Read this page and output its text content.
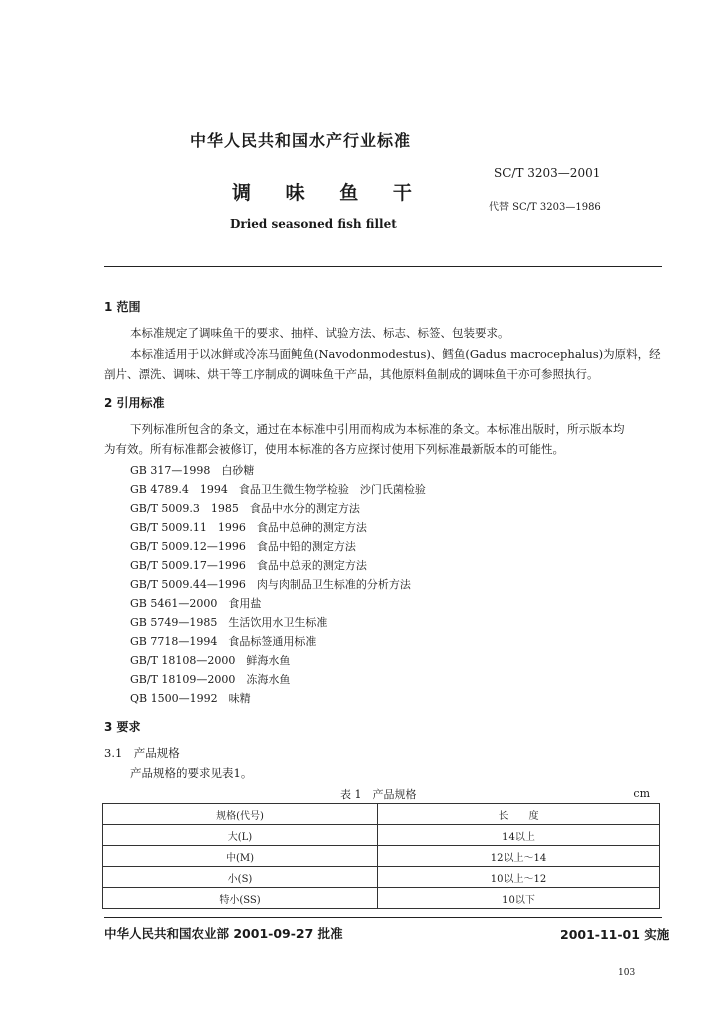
中华人民共和国水产行业标准
SC/T 3203—2001
调 味 鱼 干
代替 SC/T 3203—1986
Dried seasoned fish fillet
1 范围
本标准规定了调味鱼干的要求、抽样、试验方法、标志、标签、包装要求。
本标准适用于以冰鲜或冷冻马面鲀鱼(Navodonmodestus)、鳕鱼(Gadus macrocephalus)为原料，经
剖片、漂洗、调味、烘干等工序制成的调味鱼干产品，其他原料鱼制成的调味鱼干亦可参照执行。
2 引用标准
下列标准所包含的条文，通过在本标准中引用而构成为本标准的条文。本标准出版时，所示版本均
为有效。所有标准都会被修订，使用本标准的各方应探讨使用下列标准最新版本的可能性。
GB 317—1998　白砂糖
GB 4789.4　1994　食品卫生微生物学检验　沙门氏菌检验
GB/T 5009.3　1985　食品中水分的测定方法
GB/T 5009.11　1996　食品中总砷的测定方法
GB/T 5009.12—1996　食品中铅的测定方法
GB/T 5009.17—1996　食品中总汞的测定方法
GB/T 5009.44—1996　肉与肉制品卫生标准的分析方法
GB 5461—2000　食用盐
GB 5749—1985　生活饮用水卫生标准
GB 7718—1994　食品标签通用标准
GB/T 18108—2000　鲜海水鱼
GB/T 18109—2000　冻海水鱼
QB 1500—1992　味精
3 要求
3.1　产品规格
产品规格的要求见表1。
表 1　产品规格	cm
规格(代号)	长　　度
大(L)	14以上
中(M)	12以上～14
小(S)	10以上～12
特小(SS)	10以下
中华人民共和国农业部 2001-09-27 批准	2001-11-01 实施
103
